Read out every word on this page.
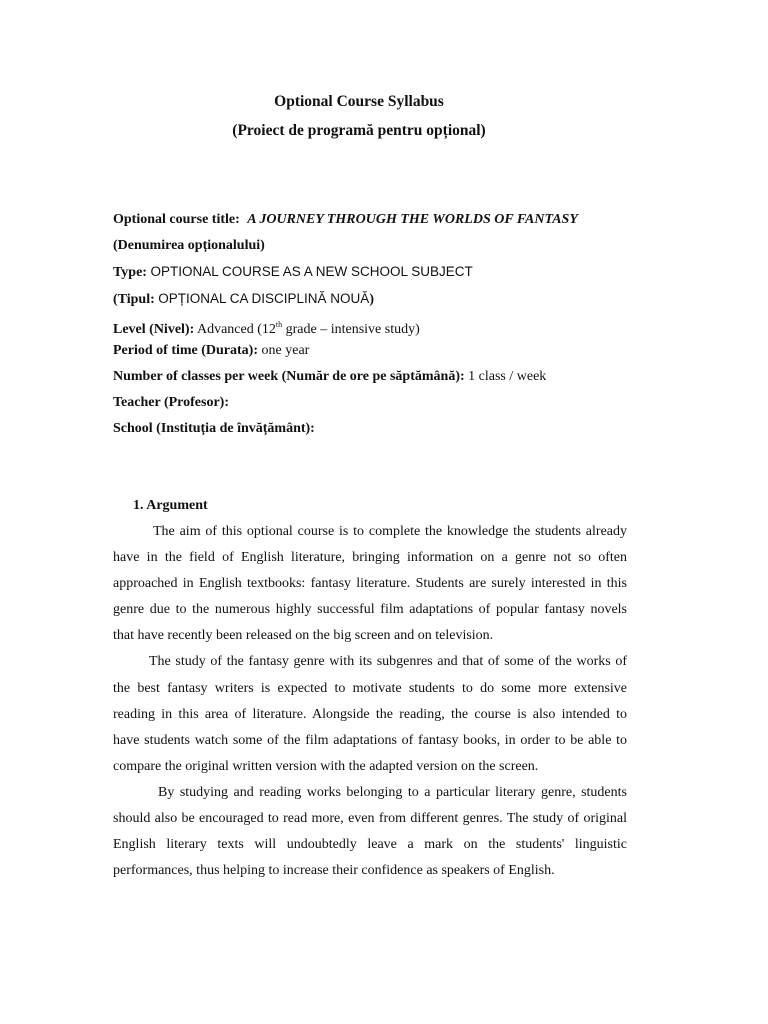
Optional Course Syllabus
(Proiect de programă pentru opțional)
Optional course title: A JOURNEY THROUGH THE WORLDS OF FANTASY
(Denumirea opționalului)
Type: OPTIONAL COURSE AS A NEW SCHOOL SUBJECT
(Tipul: OPȚIONAL CA DISCIPLINĂ NOUĂ)
Level (Nivel): Advanced (12th grade – intensive study)
Period of time (Durata): one year
Number of classes per week (Număr de ore pe săptămână): 1 class / week
Teacher (Profesor):
School (Instituția de învățământ):
1. Argument
The aim of this optional course is to complete the knowledge the students already
have in the field of English literature, bringing information on a genre not so often
approached in English textbooks: fantasy literature. Students are surely interested in this
genre due to the numerous highly successful film adaptations of popular fantasy novels
that have recently been released on the big screen and on television.
The study of the fantasy genre with its subgenres and that of some of the works of
the best fantasy writers is expected to motivate students to do some more extensive
reading in this area of literature. Alongside the reading, the course is also intended to
have students watch some of the film adaptations of fantasy books, in order to be able to
compare the original written version with the adapted version on the screen.
By studying and reading works belonging to a particular literary genre, students
should also be encouraged to read more, even from different genres. The study of original
English literary texts will undoubtedly leave a mark on the students' linguistic
performances, thus helping to increase their confidence as speakers of English.
